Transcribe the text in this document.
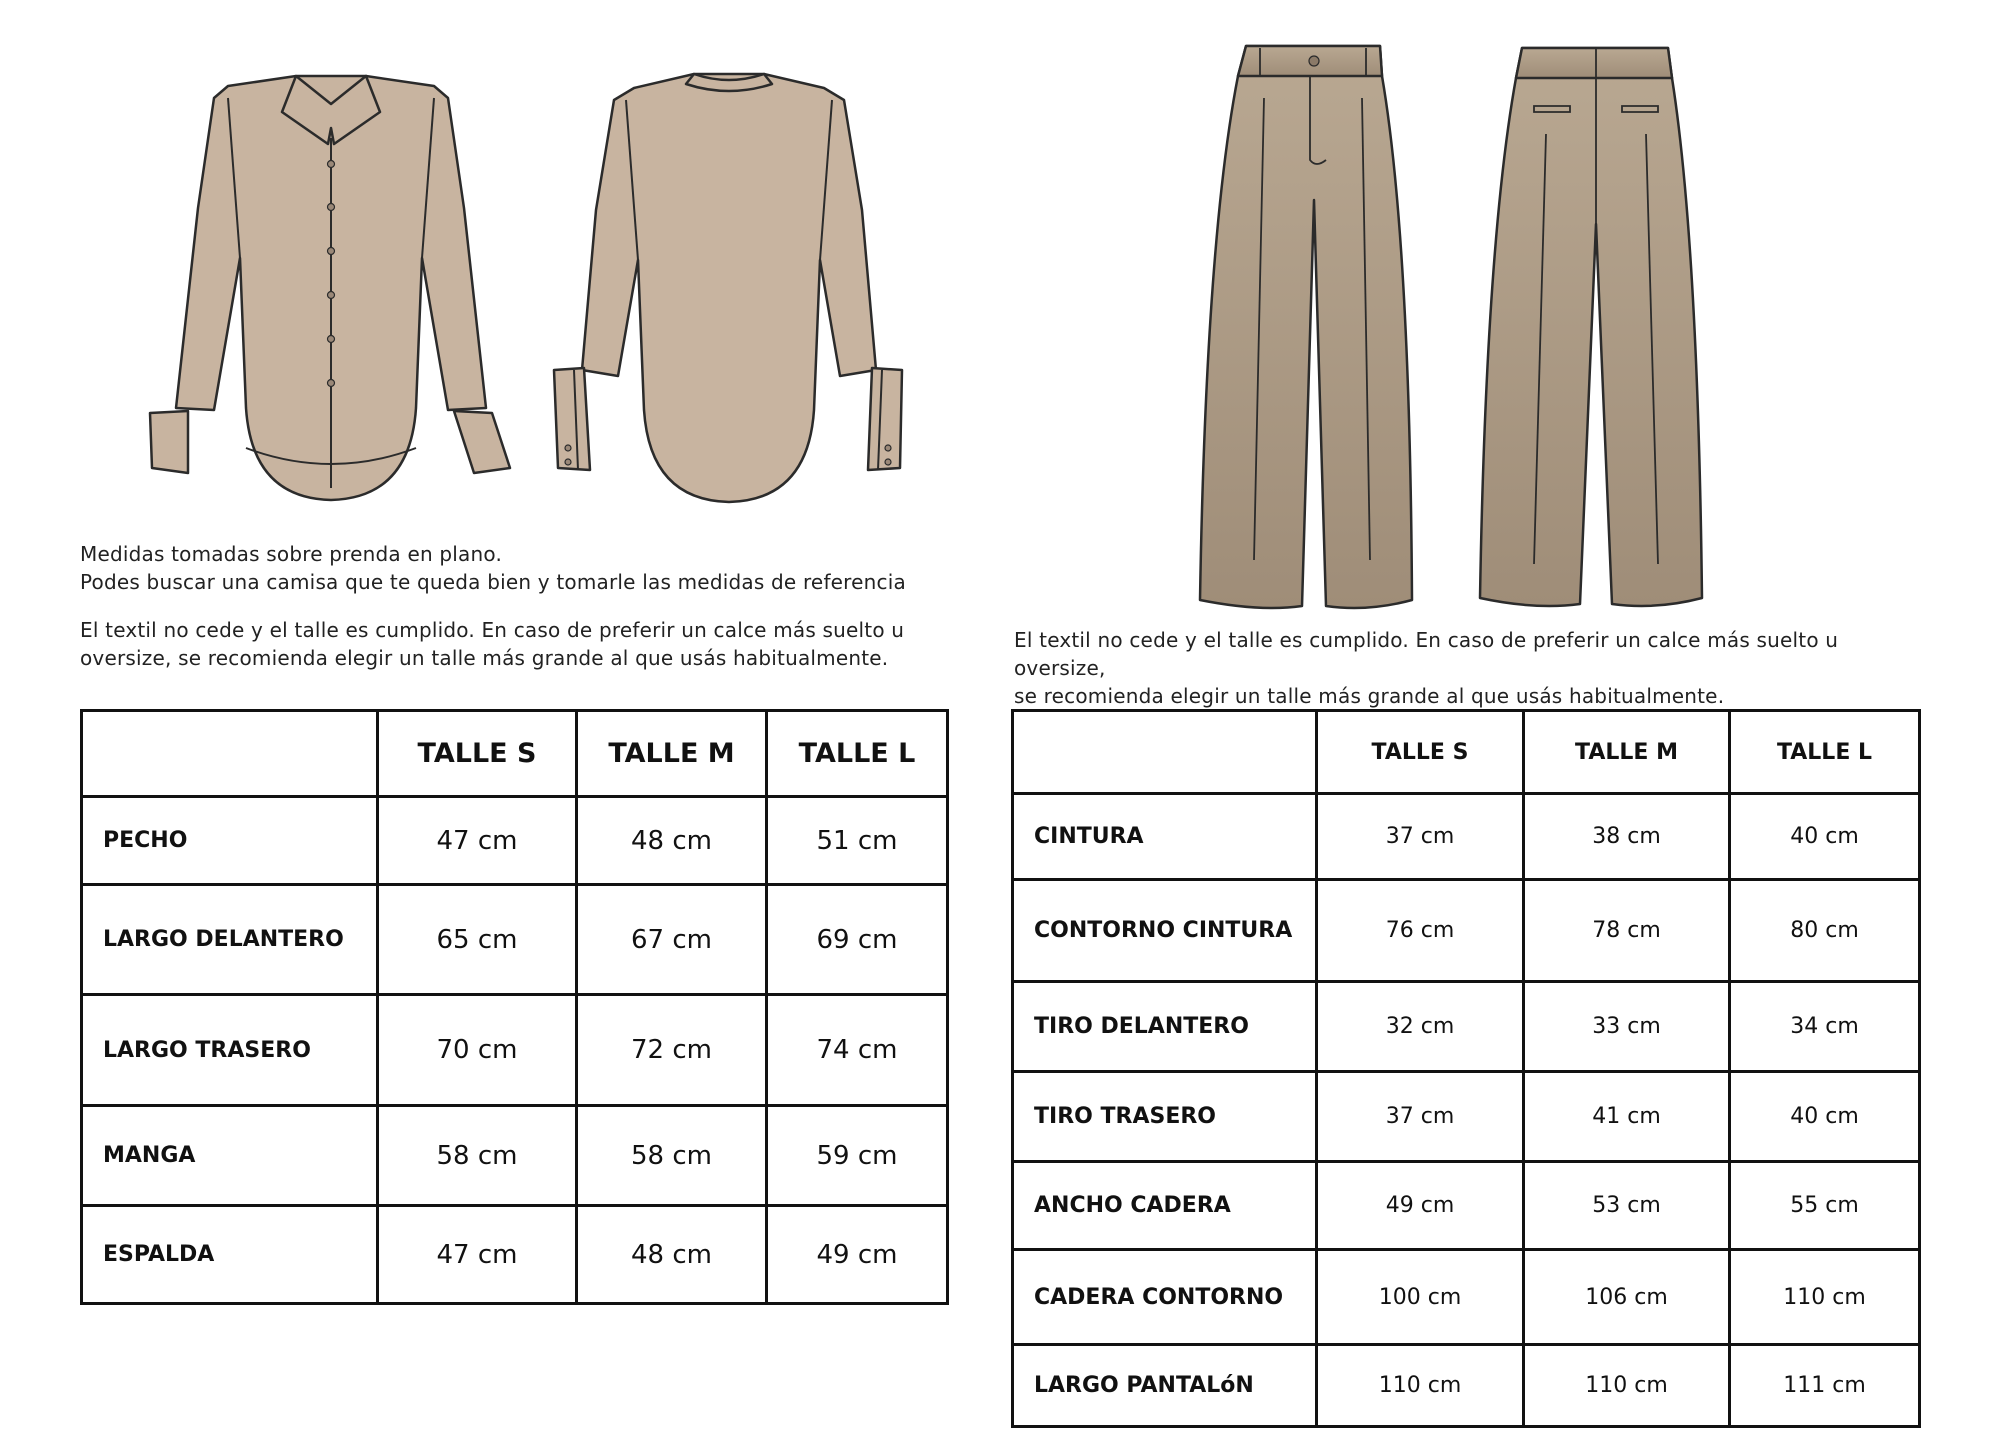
Medidas tomadas sobre prenda en plano.

Podes buscar una camisa que te queda bien y tomarle las medidas de referencia

El textil no cede y el talle es cumplido. En caso de preferir un calce más suelto u

oversize, se recomienda elegir un talle más grande al que usás habitualmente.

El textil no cede y el talle es cumplido. En caso de preferir un calce más suelto u oversize,

se recomienda elegir un talle más grande al que usás habitualmente.

	TALLE S	TALLE M	TALLE L
PECHO	47 cm	48 cm	51 cm
LARGO DELANTERO	65 cm	67 cm	69 cm
LARGO TRASERO	70 cm	72 cm	74 cm
MANGA	58 cm	58 cm	59 cm
ESPALDA	47 cm	48 cm	49 cm
	TALLE S	TALLE M	TALLE L
CINTURA	37 cm	38 cm	40 cm
CONTORNO CINTURA	76 cm	78 cm	80 cm
TIRO DELANTERO	32 cm	33 cm	34 cm
TIRO TRASERO	37 cm	41 cm	40 cm
ANCHO CADERA	49 cm	53 cm	55 cm
CADERA CONTORNO	100 cm	106 cm	110 cm
LARGO PANTALóN	110 cm	110 cm	111 cm
